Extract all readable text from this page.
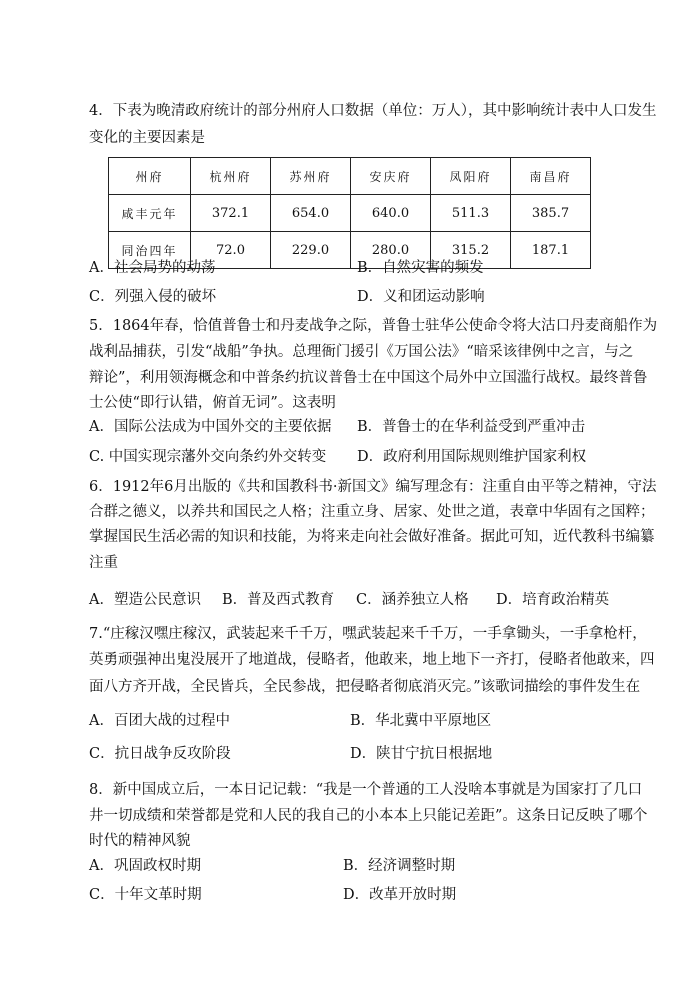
4．下表为晚清政府统计的部分州府人口数据（单位：万人），其中影响统计表中人口发生
变化的主要因素是
州府	杭州府	苏州府	安庆府	凤阳府	南昌府
咸丰元年	372.1	654.0	640.0	511.3	385.7
同治四年	72.0	229.0	280.0	315.2	187.1
A．社会局势的动荡	B．自然灾害的频发
C．列强入侵的破坏	D．义和团运动影响
5．1864年春，恰值普鲁士和丹麦战争之际，普鲁士驻华公使命令将大沽口丹麦商船作为
战利品捕获，引发“战船”争执。总理衙门援引《万国公法》“暗采该律例中之言，与之
辩论”，利用领海概念和中普条约抗议普鲁士在中国这个局外中立国滥行战权。最终普鲁
士公使“即行认错，俯首无词”。这表明
A．国际公法成为中国外交的主要依据 B．普鲁士的在华利益受到严重冲击
C. 中国实现宗藩外交向条约外交转变 D．政府利用国际规则维护国家利权
6．1912年6月出版的《共和国教科书·新国文》编写理念有：注重自由平等之精神，守法
合群之德义，以养共和国民之人格；注重立身、居家、处世之道，表章中华固有之国粹；
掌握国民生活必需的知识和技能，为将来走向社会做好准备。据此可知，近代教科书编纂
注重
A．塑造公民意识 B．普及西式教育 C．涵养独立人格 D．培育政治精英
7.“庄稼汉嘿庄稼汉，武装起来千千万，嘿武装起来千千万，一手拿锄头，一手拿枪杆，
英勇顽强神出鬼没展开了地道战，侵略者，他敢来，地上地下一齐打，侵略者他敢来，四
面八方齐开战，全民皆兵，全民参战，把侵略者彻底消灭完。”该歌词描绘的事件发生在
A．百团大战的过程中	B．华北冀中平原地区
C．抗日战争反攻阶段	D．陕甘宁抗日根据地
8．新中国成立后，一本日记记载：“我是一个普通的工人没啥本事就是为国家打了几口
井一切成绩和荣誉都是党和人民的我自己的小本本上只能记差距”。这条日记反映了哪个
时代的精神风貌
A．巩固政权时期	B．经济调整时期
C．十年文革时期	D．改革开放时期
